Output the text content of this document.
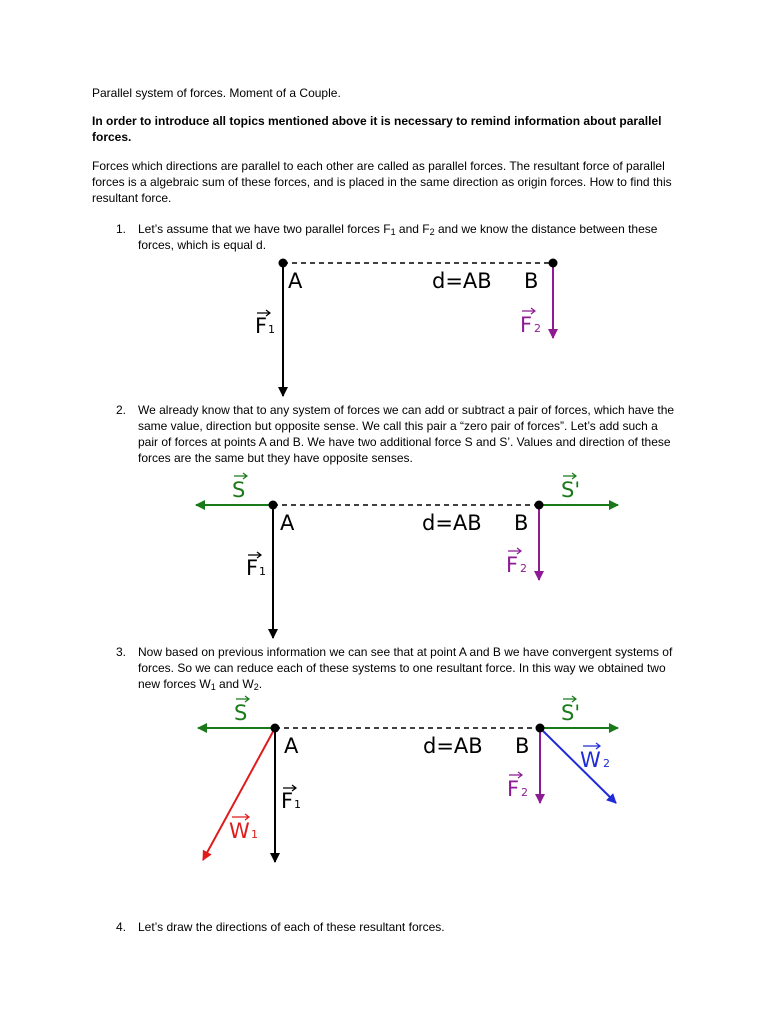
Parallel system of forces. Moment of a Couple.

In order to introduce all topics mentioned above it is necessary to remind information about parallel forces.

Forces which directions are parallel to each other are called as parallel forces. The resultant force of parallel forces is a algebraic sum of these forces, and is placed in the same direction as origin forces. How to find this resultant force.

1. Let’s assume that we have two parallel forces $F_1$ and $F_2$ and we know the distance between these forces, which is equal d.
A	B
d=AB
F 1	F 2
2. We already know that to any system of forces we can add or subtract a pair of forces, which have the same value, direction but opposite sense. We call this pair a “zero pair of forces”. Let’s add such a pair of forces at points A and B. We have two additional force S and S’. Values and direction of these forces are the same but they have opposite senses.
A	B
d=AB
S	S'
F 1	F 2
3. Now based on previous information we can see that at point A and B we have convergent systems of forces. So we can reduce each of these systems to one resultant force. In this way we obtained two new forces $W_1$ and $W_2$.
A	B
d=AB
S	S'
F 1
F 2
W 1
W 2
4. Let’s draw the directions of each of these resultant forces.
